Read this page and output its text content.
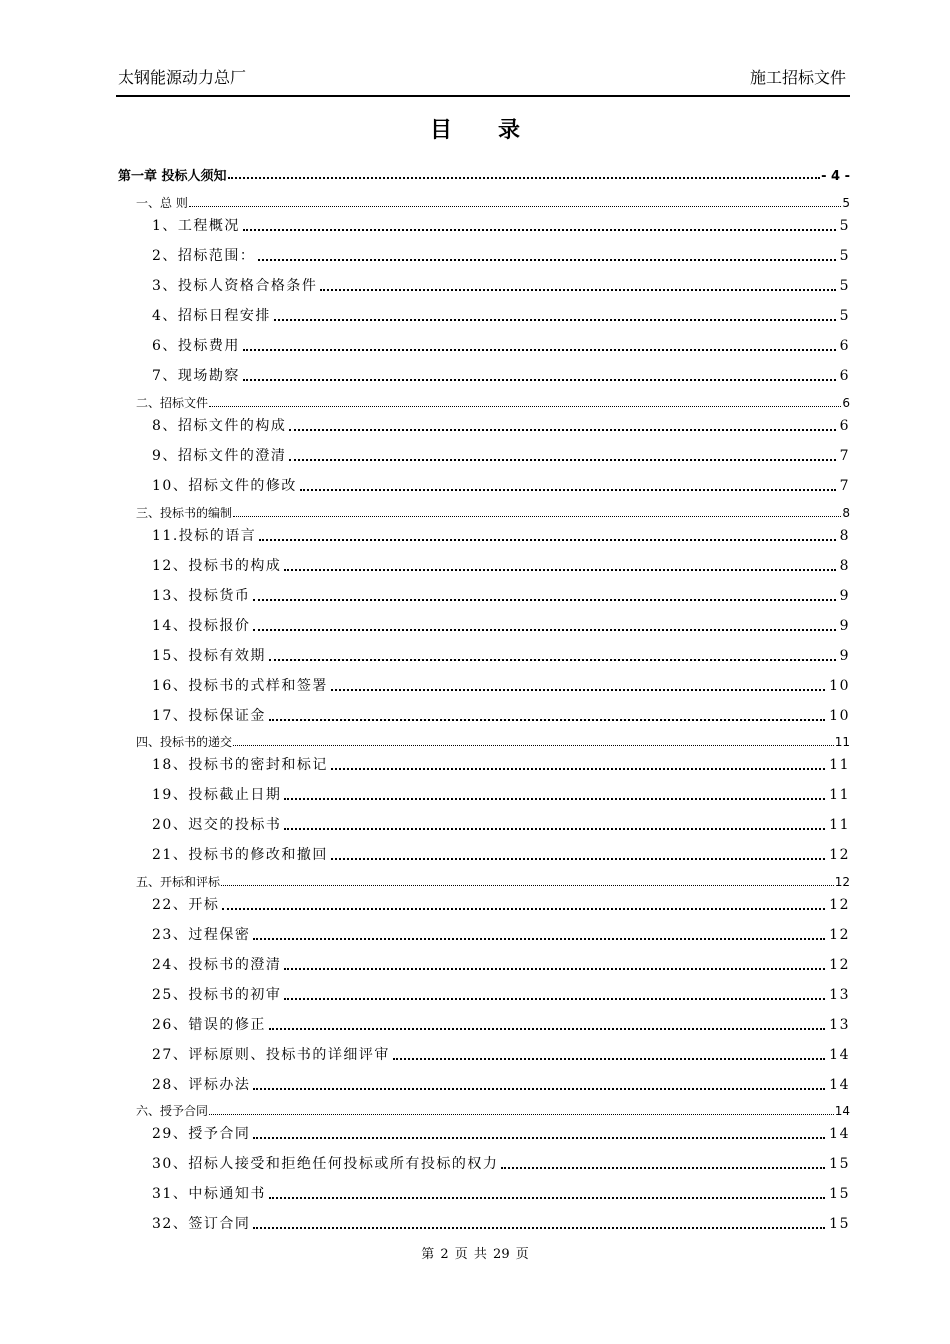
太钢能源动力总厂	施工招标文件
目录
第一章 投标人须知	- 4 -
一、总 则	5
1、工程概况	5
2、招标范围：	5
3、投标人资格合格条件	5
4、招标日程安排	5
6、投标费用	6
7、现场勘察	6
二、招标文件	6
8、招标文件的构成	6
9、招标文件的澄清	7
10、招标文件的修改	7
三、投标书的编制	8
11.投标的语言	8
12、投标书的构成	8
13、投标货币	9
14、投标报价	9
15、投标有效期	9
16、投标书的式样和签署	10
17、投标保证金	10
四、投标书的递交	11
18、投标书的密封和标记	11
19、投标截止日期	11
20、迟交的投标书	11
21、投标书的修改和撤回	12
五、开标和评标	12
22、开标	12
23、过程保密	12
24、投标书的澄清	12
25、投标书的初审	13
26、错误的修正	13
27、评标原则、投标书的详细评审	14
28、评标办法	14
六、授予合同	14
29、授予合同	14
30、招标人接受和拒绝任何投标或所有投标的权力	15
31、中标通知书	15
32、签订合同	15
第 2 页 共 29 页
